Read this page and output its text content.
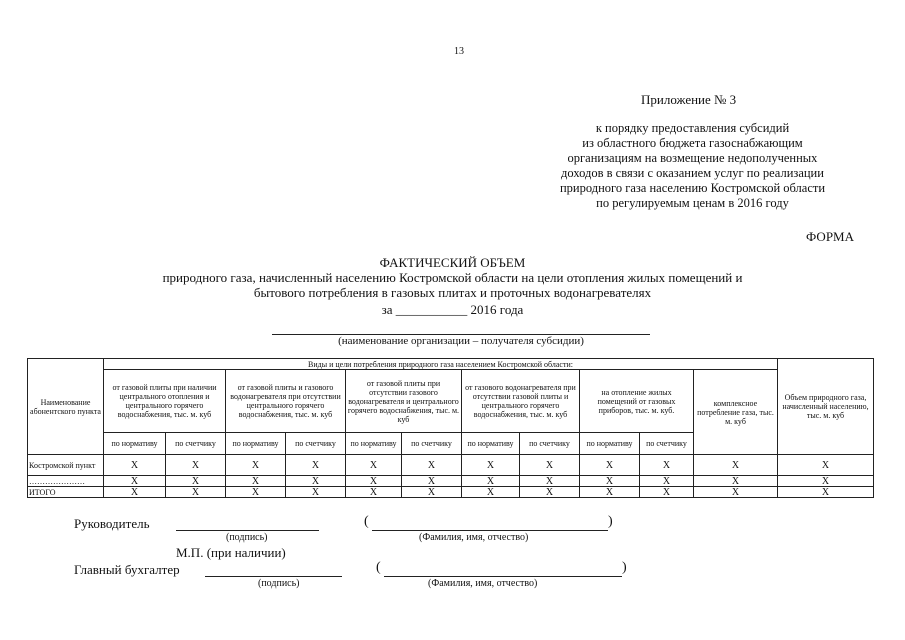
13
Приложение № 3
к порядку предоставления субсидий
из областного бюджета газоснабжающим
организациям на возмещение недополученных
доходов в связи с оказанием услуг по реализации
природного газа населению Костромской области
по регулируемым ценам в 2016 году
ФОРМА
ФАКТИЧЕСКИЙ ОБЪЕМ
природного газа, начисленный населению Костромской области на цели отопления жилых помещений и
бытового потребления в газовых плитах и проточных водонагревателях
за ___________ 2016 года
(наименование организации – получателя субсидии)
Наименование абонентского пункта	Виды и цели потребления природного газа населением Костромской области:											Объем природного газа, начисленный населению, тыс. м. куб
	от газовой плиты при наличии центрального отопления и центрального горячего водоснабжения, тыс. м. куб		от газовой плиты и газового водонагревателя при отсутствии центрального горячего водоснабжения, тыс. м. куб		от газовой плиты при отсутствии газового водонагревателя и центрального горячего водоснабжения, тыс. м. куб		от газового водонагревателя при отсутствии газовой плиты и центрального горячего водоснабжения, тыс. м. куб		на отопление жилых помещений от газовых приборов, тыс. м. куб.		комплексное потребление газа, тыс. м. куб	
	по нормативу	по счетчику	по нормативу	по счетчику	по нормативу	по счетчику	по нормативу	по счетчику	по нормативу	по счетчику		
Костромской пункт	X	X	X	X	X	X	X	X	X	X	X	X
…………………	X	X	X	X	X	X	X	X	X	X	X	X
ИТОГО	X	X	X	X	X	X	X	X	X	X	X	X
Руководитель
(подпись)
(	)
(Фамилия, имя, отчество)
М.П. (при наличии)
Главный бухгалтер
(подпись)
(	)
(Фамилия, имя, отчество)
